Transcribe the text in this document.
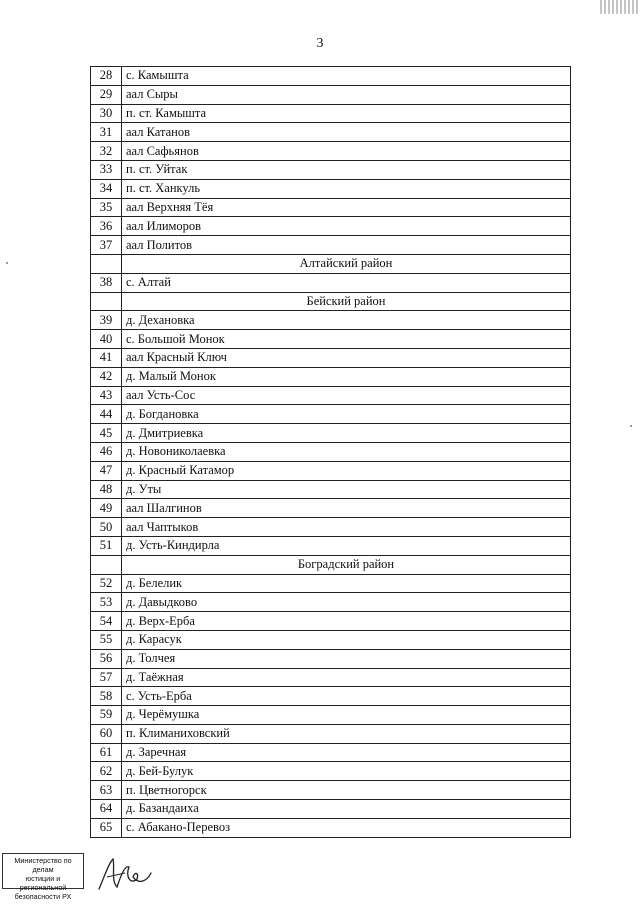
3
28	с. Камышта
29	аал Сыры
30	п. ст. Камышта
31	аал Катанов
32	аал Сафьянов
33	п. ст. Уйтак
34	п. ст. Ханкуль
35	аал Верхняя Тёя
36	аал Илиморов
37	аал Политов
	Алтайский район
38	с. Алтай
	Бейский район
39	д. Дехановка
40	с. Большой Монок
41	аал Красный Ключ
42	д. Малый Монок
43	аал Усть-Сос
44	д. Богдановка
45	д. Дмитриевка
46	д. Новониколаевка
47	д. Красный Катамор
48	д. Уты
49	аал Шалгинов
50	аал Чаптыков
51	д. Усть-Киндирла
	Боградский район
52	д. Белелик
53	д. Давыдково
54	д. Верх-Ерба
55	д. Карасук
56	д. Толчея
57	д. Таёжная
58	с. Усть-Ерба
59	д. Черёмушка
60	п. Климаниховский
61	д. Заречная
62	д. Бей-Булук
63	п. Цветногорск
64	д. Базандаиха
65	с. Абакано-Перевоз
Министерство по делам
юстиции и региональной
безопасности РХ
